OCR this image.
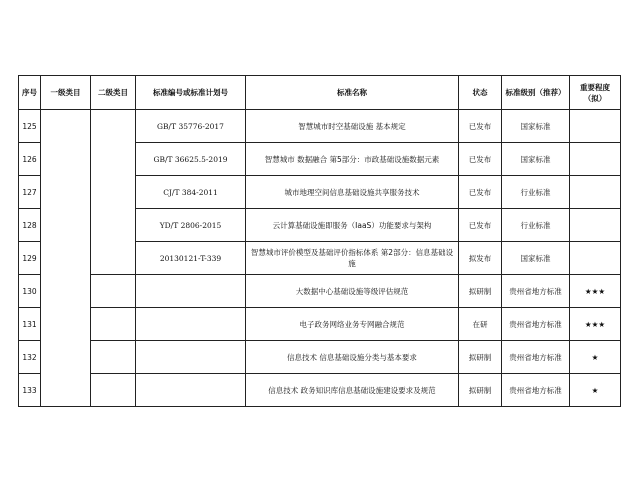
序号	一级类目	二级类目	标准编号或标准计划号	标准名称	状态	标准级别（推荐）	重要程度（拟）
125			GB/T 35776-2017	智慧城市时空基础设施 基本规定	已发布	国家标准	
126			GB/T 36625.5-2019	智慧城市 数据融合 第5部分：市政基础设施数据元素	已发布	国家标准	
127			CJ/T 384-2011	城市地理空间信息基础设施共享服务技术	已发布	行业标准	
128			YD/T 2806-2015	云计算基础设施即服务（IaaS）功能要求与架构	已发布	行业标准	
129			20130121-T-339	智慧城市评价模型及基础评价指标体系 第2部分：信息基础设施	拟发布	国家标准	
130				大数据中心基础设施等级评估规范	拟研制	贵州省地方标准	★★★
131				电子政务网络业务专网融合规范	在研	贵州省地方标准	★★★
132				信息技术 信息基础设施分类与基本要求	拟研制	贵州省地方标准	★
133				信息技术 政务知识库信息基础设施建设要求及规范	拟研制	贵州省地方标准	★
